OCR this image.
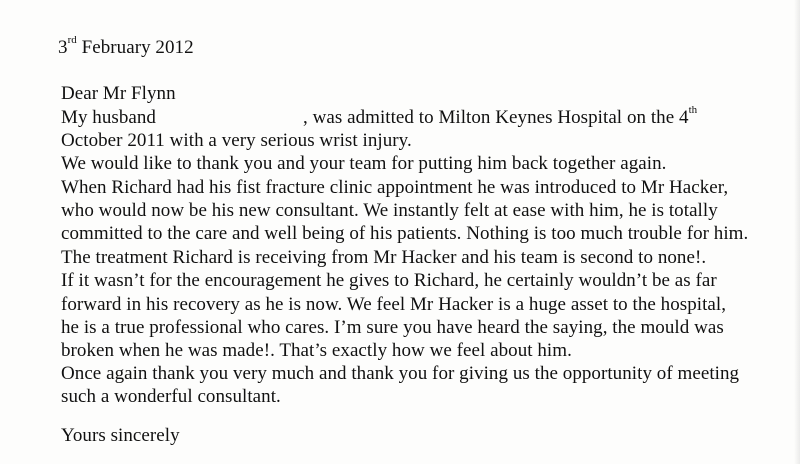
3rd February 2012
Dear Mr Flynn
My husband	, was admitted to Milton Keynes Hospital on the 4th
October 2011 with a very serious wrist injury.
We would like to thank you and your team for putting him back together again.
When Richard had his fist fracture clinic appointment he was introduced to Mr Hacker,
who would now be his new consultant. We instantly felt at ease with him, he is totally
committed to the care and well being of his patients. Nothing is too much trouble for him.
The treatment Richard is receiving from Mr Hacker and his team is second to none!.
If it wasn’t for the encouragement he gives to Richard, he certainly wouldn’t be as far
forward in his recovery as he is now. We feel Mr Hacker is a huge asset to the hospital,
he is a true professional who cares. I’m sure you have heard the saying, the mould was
broken when he was made!. That’s exactly how we feel about him.
Once again thank you very much and thank you for giving us the opportunity of meeting
such a wonderful consultant.
Yours sincerely
